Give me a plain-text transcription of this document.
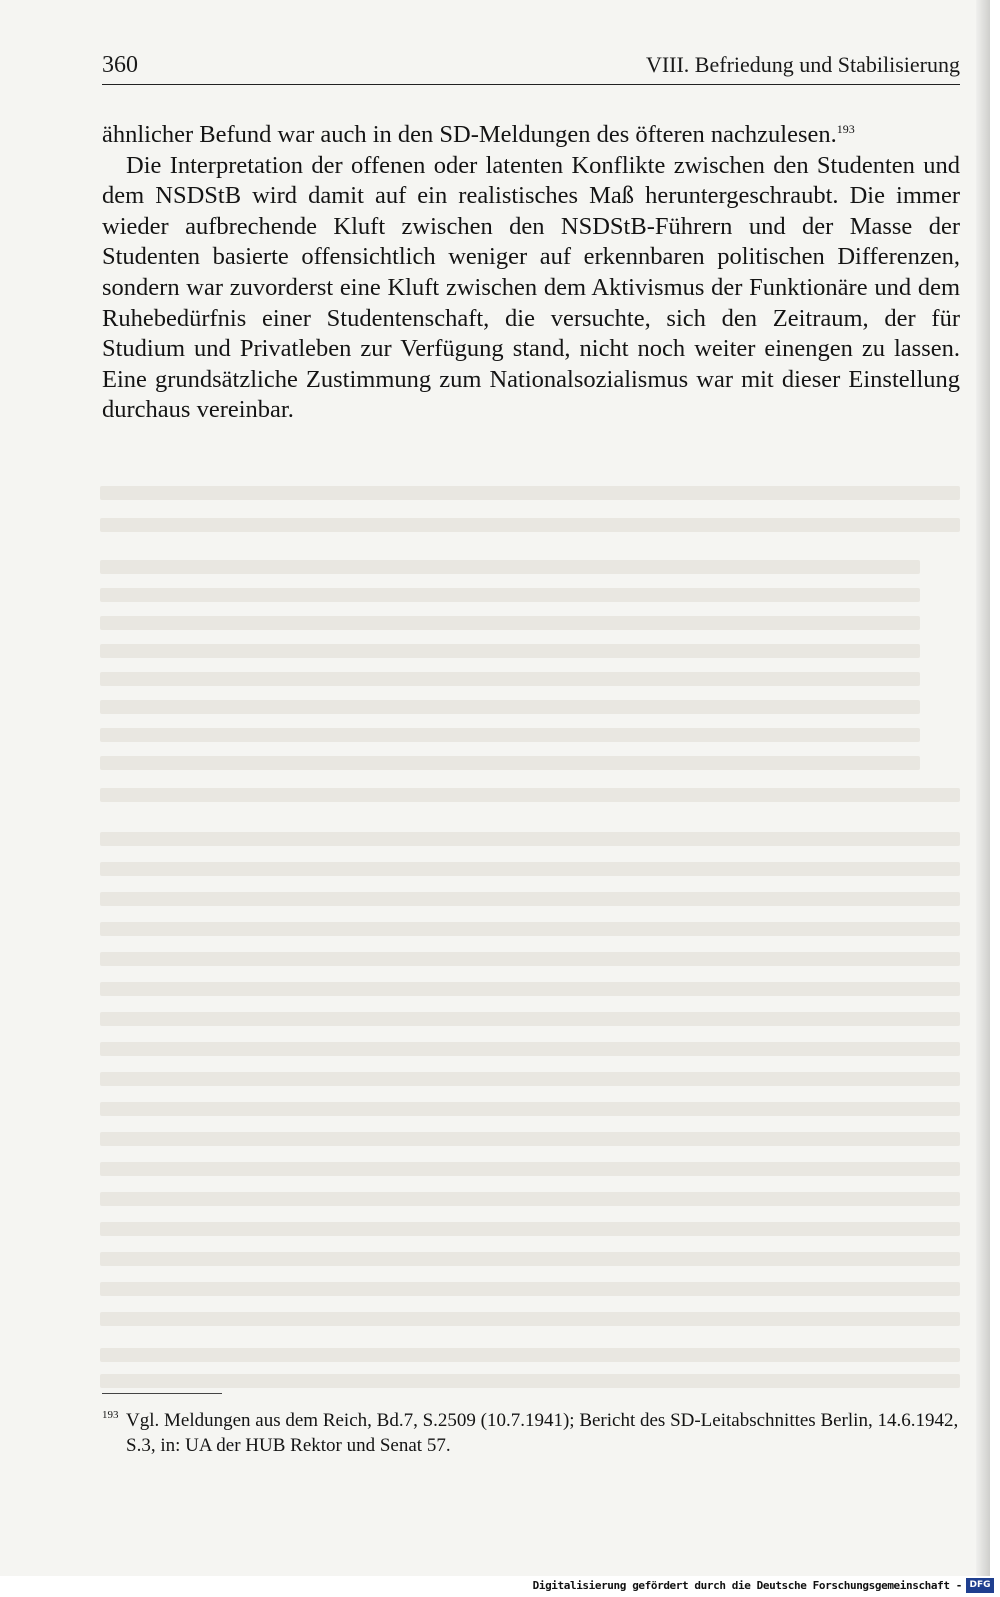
360	VIII. Befriedung und Stabilisierung

ähnlicher Befund war auch in den SD-Meldungen des öfteren nachzulesen.$^{193}$

Die Interpretation der offenen oder latenten Konflikte zwischen den Studenten und dem NSDStB wird damit auf ein realistisches Maß heruntergeschraubt. Die immer wieder aufbrechende Kluft zwischen den NSDStB-Führern und der Masse der Studenten basierte offensichtlich weniger auf erkennbaren politischen Differenzen, sondern war zuvorderst eine Kluft zwischen dem Aktivismus der Funktionäre und dem Ruhebedürfnis einer Studentenschaft, die versuchte, sich den Zeitraum, der für Studium und Privatleben zur Verfügung stand, nicht noch weiter einengen zu lassen. Eine grundsätzliche Zustimmung zum Nationalsozialismus war mit dieser Einstellung durchaus vereinbar.

193 Vgl. Meldungen aus dem Reich, Bd.7, S.2509 (10.7.1941); Bericht des SD-Leitabschnittes Berlin, 14.6.1942, S.3, in: UA der HUB Rektor und Senat 57.
Digitalisierung gefördert durch die Deutsche Forschungsgemeinschaft - DFG
